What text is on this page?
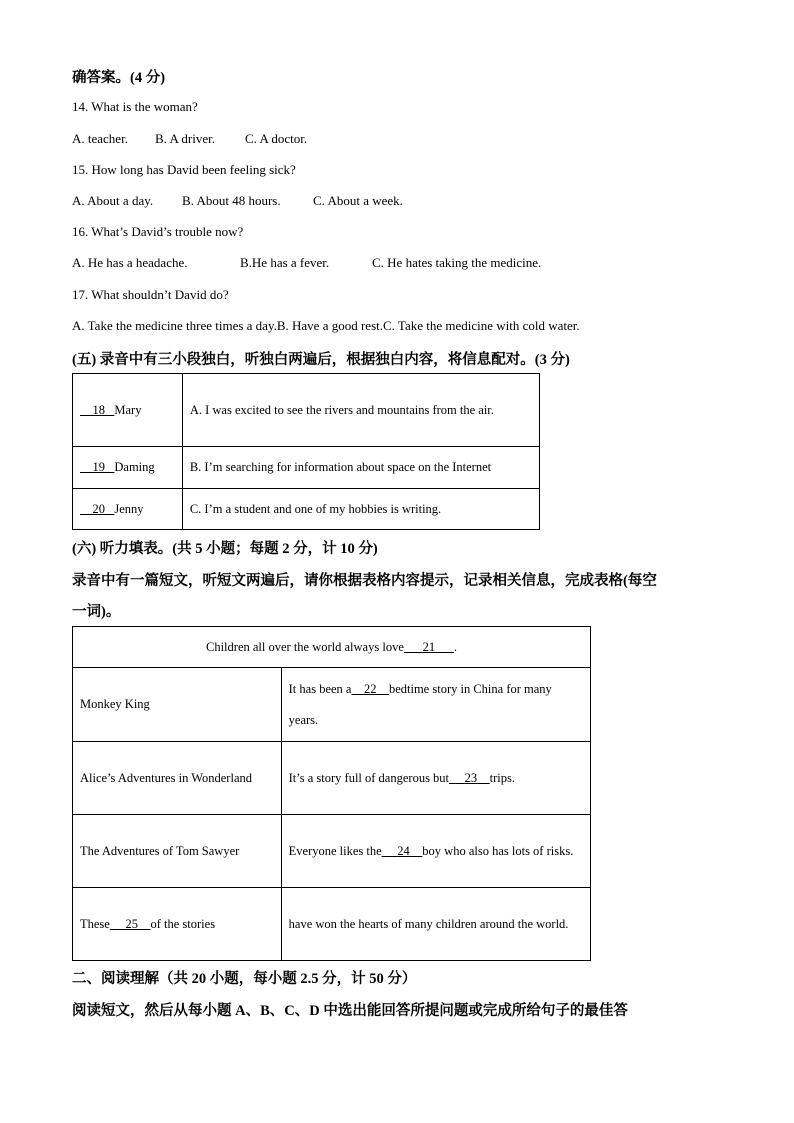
确答案。(4 分)
14. What is the woman?
A. teacher. B. A driver. C. A doctor.
15. How long has David been feeling sick?
A. About a day. B. About 48 hours. C. About a week.
16. What’s David’s trouble now?
A. He has a headache.	B.He has a fever.	C. He hates taking the medicine.
17. What shouldn’t David do?
A. Take the medicine three times a day.B. Have a good rest.C. Take the medicine with cold water.
(五) 录音中有三小段独白，听独白两遍后，根据独白内容，将信息配对。(3 分)
18 Mary	A. I was excited to see the rivers and mountains from the air.
19 Daming	B. I’m searching for information about space on the Internet
20 Jenny	C. I’m a student and one of my hobbies is writing.
(六) 听力填表。(共 5 小题；每题 2 分，计 10 分)
录音中有一篇短文，听短文两遍后，请你根据表格内容提示，记录相关信息，完成表格(每空
一词)。
Children all over the world always love 21 .	
Monkey King	It has been a 22 bedtime story in China for many years.
Alice’s Adventures in Wonderland	It’s a story full of dangerous but 23 trips.
The Adventures of Tom Sawyer	Everyone likes the 24 boy who also has lots of risks.
These 25 of the stories	have won the hearts of many children around the world.
二、阅读理解（共 20 小题，每小题 2.5 分，计 50 分）
阅读短文，然后从每小题 A、B、C、D 中选出能回答所提问题或完成所给句子的最佳答
